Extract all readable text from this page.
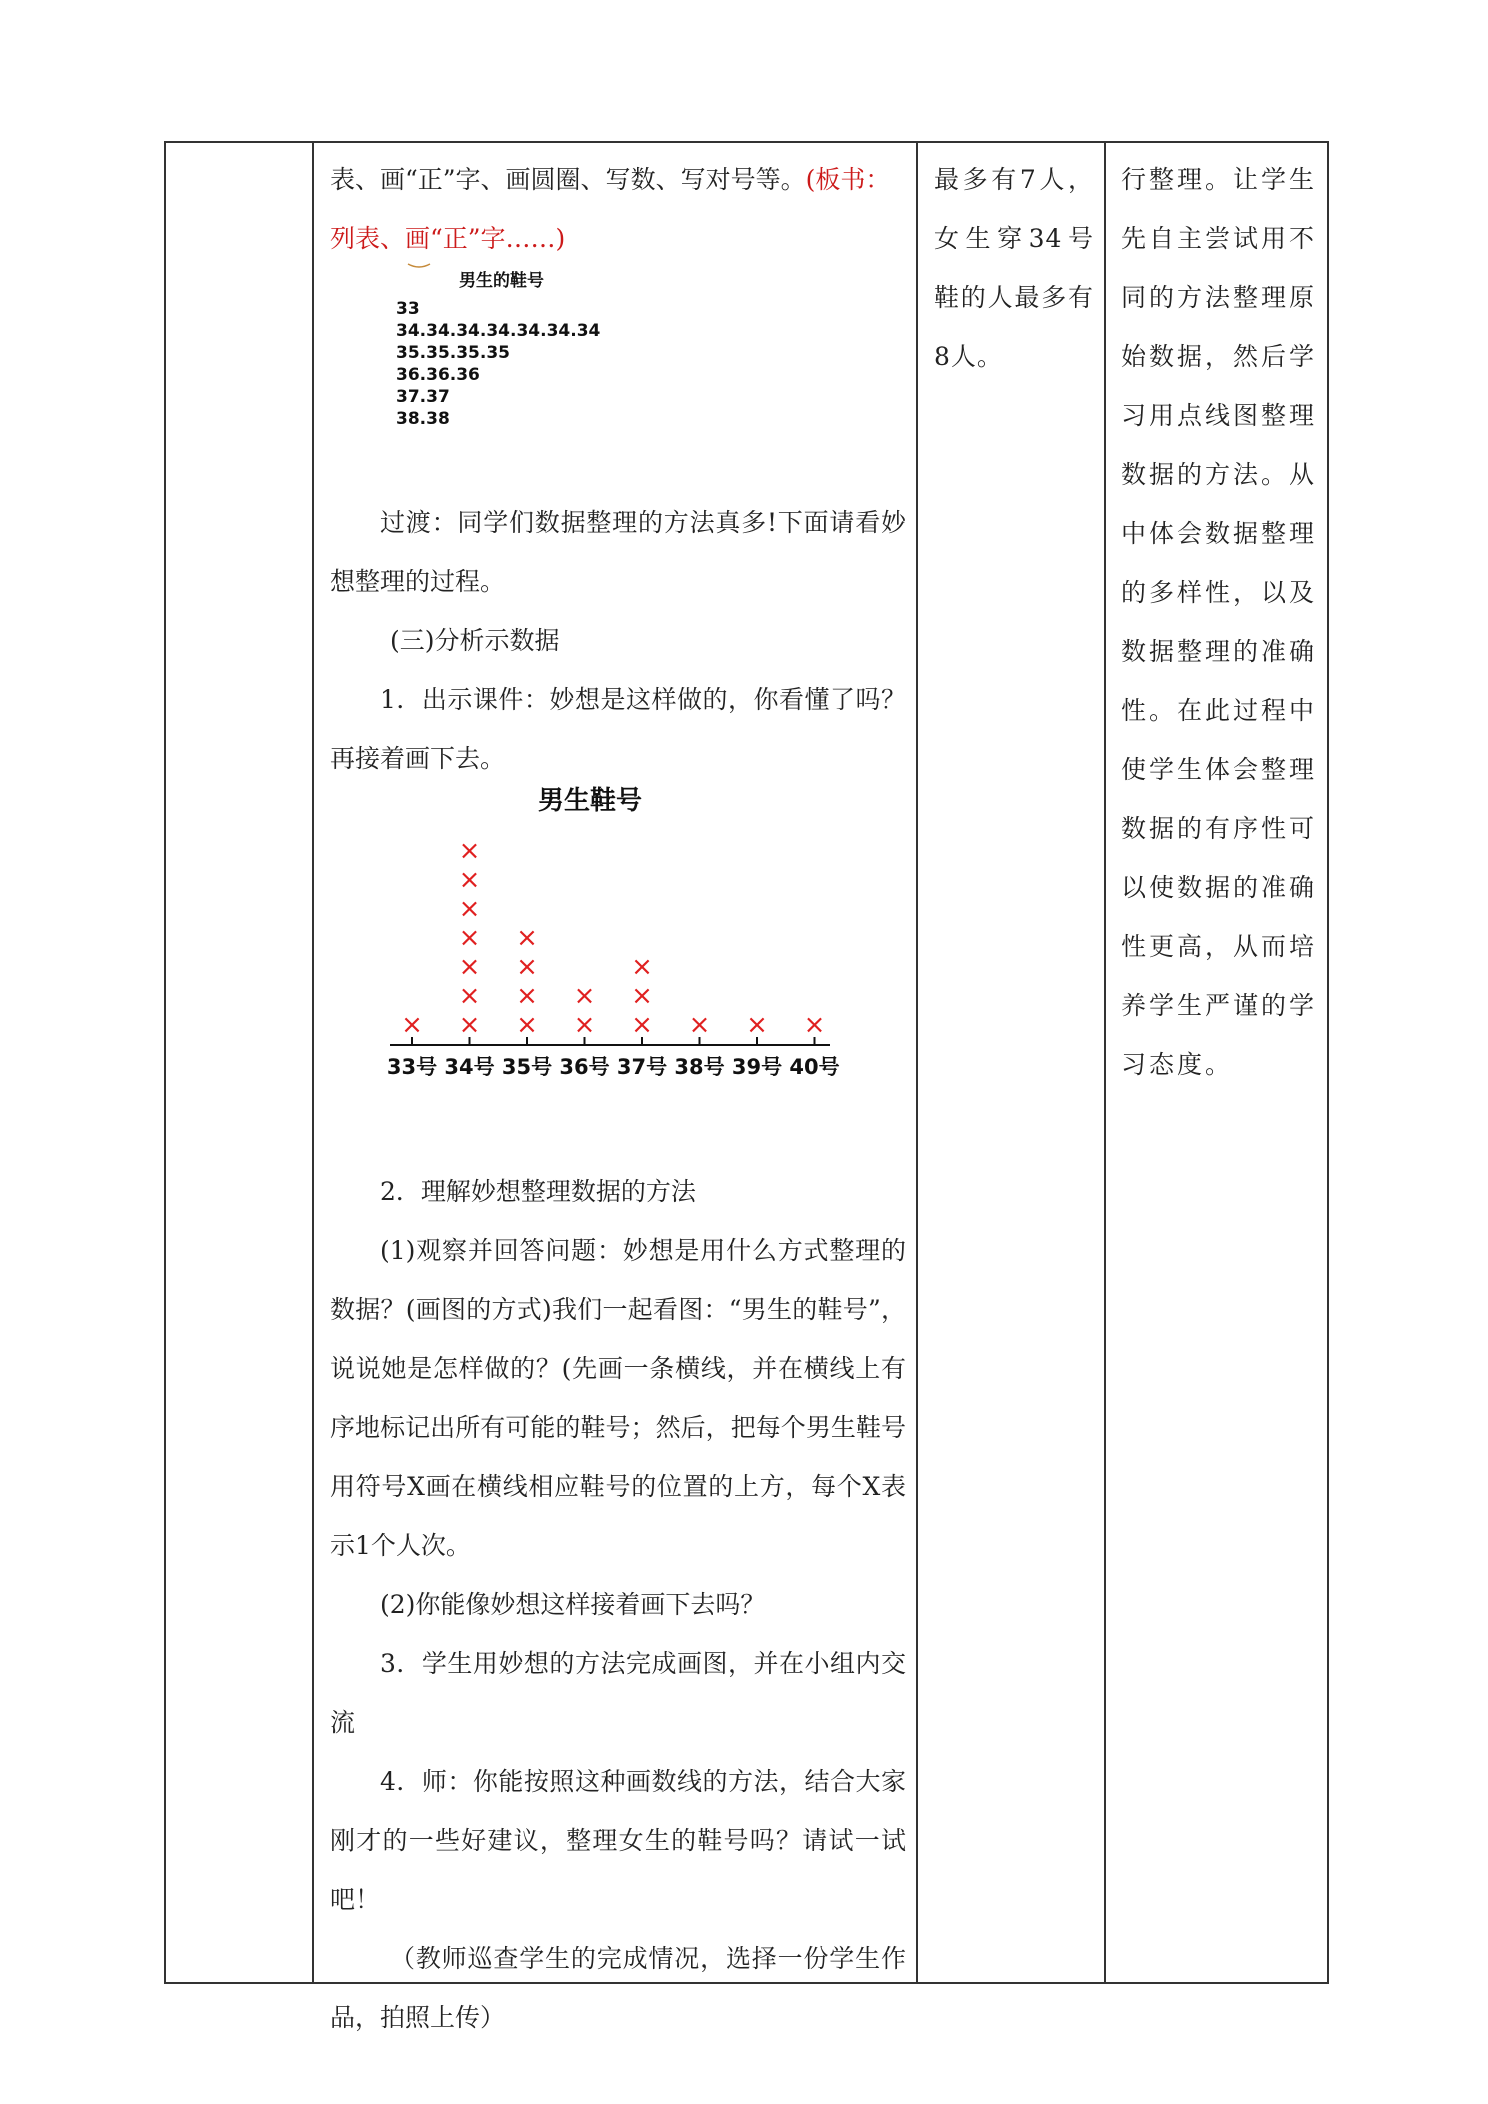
表、画“正”字、画圆圈、写数、写对号等。(板书：

列表、画“正”字……)

过渡：同学们数据整理的方法真多!下面请看妙想整理的过程。

(三)分析示数据

1．出示课件：妙想是这样做的，你看懂了吗？再接着画下去。

2．理解妙想整理数据的方法

(1)观察并回答问题：妙想是用什么方式整理的数据？(画图的方式)我们一起看图：“男生的鞋号”，说说她是怎样做的？(先画一条横线，并在横线上有序地标记出所有可能的鞋号；然后，把每个男生鞋号用符号X画在横线相应鞋号的位置的上方，每个X表示1个人次。

(2)你能像妙想这样接着画下去吗？

3．学生用妙想的方法完成画图，并在小组内交流

4．师：你能按照这种画数线的方法，结合大家刚才的一些好建议，整理女生的鞋号吗？请试一试吧！

（教师巡查学生的完成情况，选择一份学生作品，拍照上传）

男生的鞋号
33
34.34.34.34.34.34.34
35.35.35.35
36.36.36
37.37
38.38
男生鞋号
33号
×
34号
×
×
×
×
×
×
×
35号
×
×
×
×
36号
×
×
37号
×
×
×
38号
×
39号
×
40号
×

最多有7人，女生穿34号鞋的人最多有8人。

行整理。让学生先自主尝试用不同的方法整理原始数据，然后学习用点线图整理数据的方法。从中体会数据整理的多样性，以及数据整理的准确性。在此过程中使学生体会整理数据的有序性可以使数据的准确性更高，从而培养学生严谨的学习态度。
